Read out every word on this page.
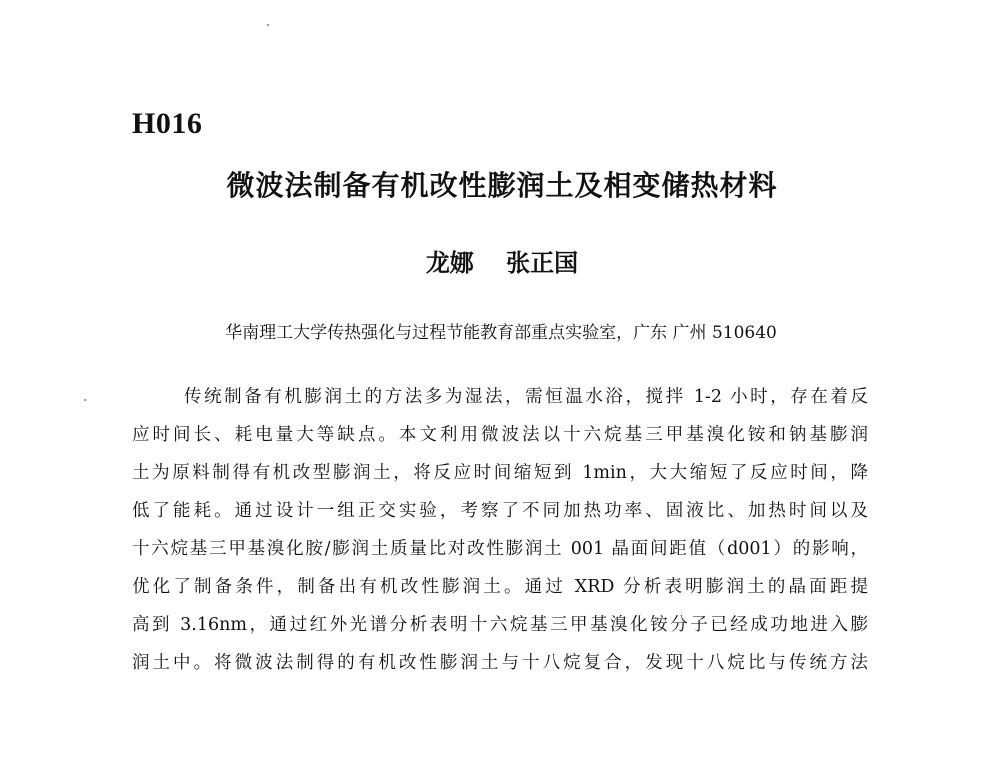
H016
微波法制备有机改性膨润土及相变储热材料
龙娜 张正国

华南理工大学传热强化与过程节能教育部重点实验室，广东 广州 510640

传统制备有机膨润土的方法多为湿法，需恒温水浴，搅拌 1-2 小时，存在着反
应时间长、耗电量大等缺点。本文利用微波法以十六烷基三甲基溴化铵和钠基膨润
土为原料制得有机改型膨润土，将反应时间缩短到 1min，大大缩短了反应时间，降
低了能耗。通过设计一组正交实验，考察了不同加热功率、固液比、加热时间以及
十六烷基三甲基溴化胺/膨润土质量比对改性膨润土 001 晶面间距值（d001）的影响，
优化了制备条件，制备出有机改性膨润土。通过 XRD 分析表明膨润土的晶面距提
高到 3.16nm，通过红外光谱分析表明十六烷基三甲基溴化铵分子已经成功地进入膨
润土中。将微波法制得的有机改性膨润土与十八烷复合，发现十八烷比与传统方法
